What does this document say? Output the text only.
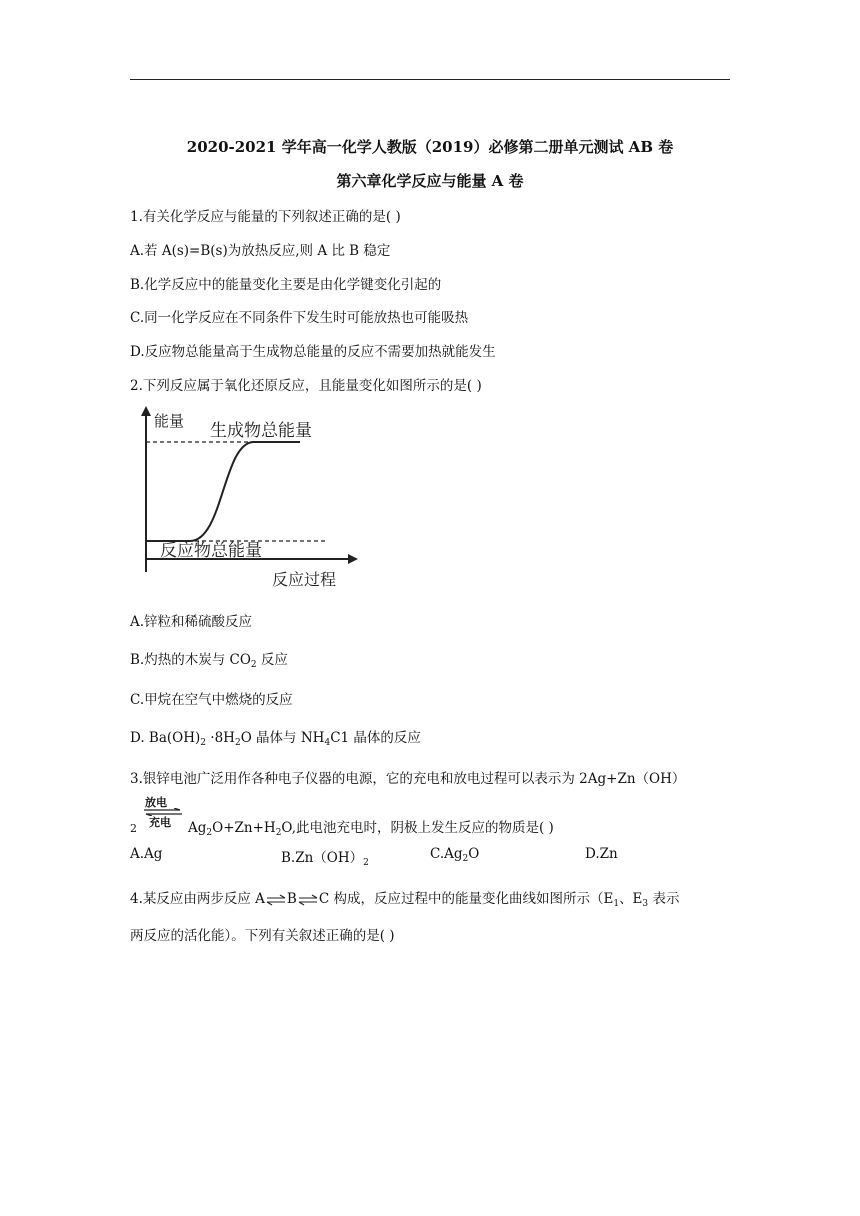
2020-2021 学年高一化学人教版（2019）必修第二册单元测试 AB 卷
第六章化学反应与能量 A 卷
1.有关化学反应与能量的下列叙述正确的是( )
A.若 A(s)=B(s)为放热反应,则 A 比 B 稳定
B.化学反应中的能量变化主要是由化学键变化引起的
C.同一化学反应在不同条件下发生时可能放热也可能吸热
D.反应物总能量高于生成物总能量的反应不需要加热就能发生
2.下列反应属于氧化还原反应，且能量变化如图所示的是( )
能量 生成物总能量
反应物总能量
反应过程
A.锌粒和稀硫酸反应
B.灼热的木炭与 $CO_2$ 反应
C.甲烷在空气中燃烧的反应
D. $Ba(OH)_2 \cdot 8H_2O$ 晶体与 $NH_4C1$ 晶体的反应
3.银锌电池广泛用作各种电子仪器的电源，它的充电和放电过程可以表示为 2Ag+Zn（OH）
2
放电
充电 $Ag_2O+Zn+H_2O$,此电池充电时，阴极上发生反应的物质是( )
A.Ag	$B.Zn(OH)_2$
$C.Ag_2O$	D.Zn
4.某反应由两步反应 A⇌B⇌C 构成，反应过程中的能量变化曲线如图所示（$E_1$、$E_3$ 表示
两反应的活化能）。下列有关叙述正确的是( )
